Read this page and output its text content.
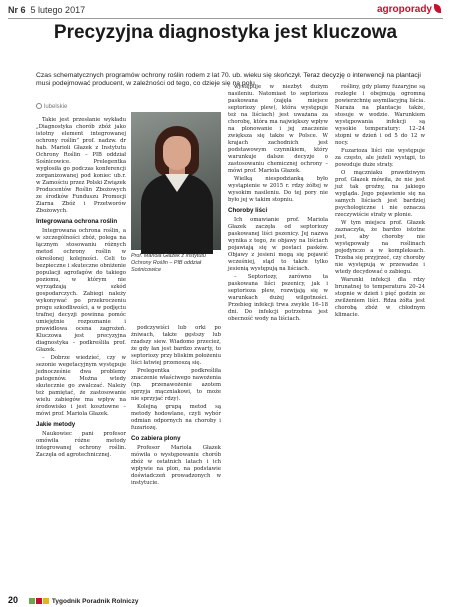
Nr 6 5 lutego 2017	agroporady
Precyzyjna diagnostyka jest kluczowa

Czas schematycznych programów ochrony roślin rodem z lat 70. ub. wieku się skończył. Teraz decyzję o interwencji na plantacji musi podejmować producent, w zależności od tego, co dzieje się na polu.

lubelskie

Takie jest przesłanie wykładu „Diagnostyka chorób zbóż jako istotny element integrowanej ochrony roślin” prof. nadzw. dr hab. Marioli Głazek z Instytutu Ochrony Roślin – PIB oddział Sośnicowice. Prelegentka wygłosiła go podczas konferencji zorganizowanej pod koniec ub.r. w Zamościu przez Polski Związek Producentów Roślin Zbożowych ze środków Funduszu Promocji Ziarna Zbóż i Przetworów Zbożowych.

Integrowana ochrona roślin

Integrowana ochrona roślin, a w szczególności zbóż, polega na łącznym stosowaniu różnych metod ochrony roślin w określonej kolejności. Celi to bezpieczne i skuteczne obniżenie populacji agrofagów do takiego poziomu, w którym nie wyrządzają szkód gospodarczych. Zabiegi należy wykonywać po przekroczeniu progu szkodliwości, a w podjęciu trafnej decyzji powinna pomóc umiejętnie rozpoznanie i prawidłowa ocena zagrożeń. Kluczowa jest precyzyjna diagnostyka – podkreśliła prof. Głazek.

– Dobrze wiedzieć, czy w sezonie wegetacyjnym występuje jednocześnie dwa problemy patogenów. Można wtedy skutecznie go zwalczać. Należy też pamiętać, że zastosowanie wielu zabiegów ma wpływ na środowisko i jest kosztowne – mówi prof. Mariola Głazek.

Jakie metody

Naukowiec pani profesor omówiła różne metody integrowanej ochrony roślin. Zaczęła od agrotechnicznej.

Prof. Mariola Głazek z Instytutu Ochrony Roślin – PIB oddział Sośnicowice

podczywiści lub orki po żniwach, także gęstszy lub rzadszy siew. Wiadomo przecież, że gdy łan jest bardzo zwarty, to septoriozy przy bliskim położeniu liści łatwiej przenoszą się.

Prelegentka podkreśliła znaczenie właściwego nawożenia (np. przenawożenie azotem sprzyja mączniakowi, to może nie sprzyjać rdzy).

Kolejną grupą metod są metody hodowlane, czyli wybór odmian odpornych na choroby i fuzariozę.

Co zabiera plony

Profesor Mariola Głazek mówiła o występowaniu chorób zbóż w ostatnich latach i ich wpływie na plon, na podstawie doświadczeń prowadzonych w instytucie.

występuje w niezbyt dużym nasileniu. Natomiast to septorioza paskowana (zajęła miejsce septoriozy plew), która występuje też na liściach) jest uważana za chorobę, która ma największy wpływ na plonowanie i jej znaczenie zwiększa się także w Polsce. W krajach zachodnich jest podstawowym czynnikiem, który warunkuje dalsze decyzje o zastosowaniu chemicznej ochrony – mówi prof. Mariola Głazek.

Wielką niespodzianką było wystąpienie w 2015 r. rdzy żółtej w wysokim nasileniu. Do tej pory nie było jej w takim stopniu.

Choroby liści

Ich omawianie prof. Mariola Głazek zaczęła od septoriozy paskowanej liści pszenicy. Jej nazwa wynika z tego, że objawy na liściach pojawiają się w postaci pasków. Objawy z jesieni mogą się pojawić wcześniej, stąd to także tylko jesienią występują na liściach.

– Septoriozy, zarówno ta paskowana liści pszenicy, jak i septorioza plew, rozwijają się w warunkach dużej wilgotności. Przebieg infekcji trwa zwykle 16–18 dni. Do infekcji potrzebna jest obecność wody na liściach.

rośliny, gdy plamy fuzaryjne są rozległe i obejmują ogromną powierzchnię asymilacyjną liścia. Naraża na plantacje także, stosuje w wodzie. Warunkiem występowania infekcji są wysokie temperatury: 12–24 stopni w dzień i od 5 do 12 w nocy.

Fuzarioza liści nie występuje za często, ale jeżeli wystąpi, to powoduje duże straty.

O mączniaku prawdziwym prof. Głazek mówiła, że nie jest już tak groźny, na jakiego wygląda. Jego pojawienie się na samych liściach jest bardziej psychologiczne i nie oznacza rzeczywiście straty w plonie.

W tym miejscu prof. Głazek zaznaczyła, że bardzo istotne jest, aby choroby nie występowały na roślinach pojedynczo a w kompleksach. Trzeba się przyjrzeć, czy choroby nie występują w przewadze i wtedy decydować o zabiegu.

Warunki infekcji dla rdzy brunatnej to temperatura 20–24 stopnie w dzień i pięć godzin ze zwilżeniem liści. Rdza żółta jest chorobą zbóż w chłodnym klimacie.

20	Tygodnik Poradnik Rolniczy
